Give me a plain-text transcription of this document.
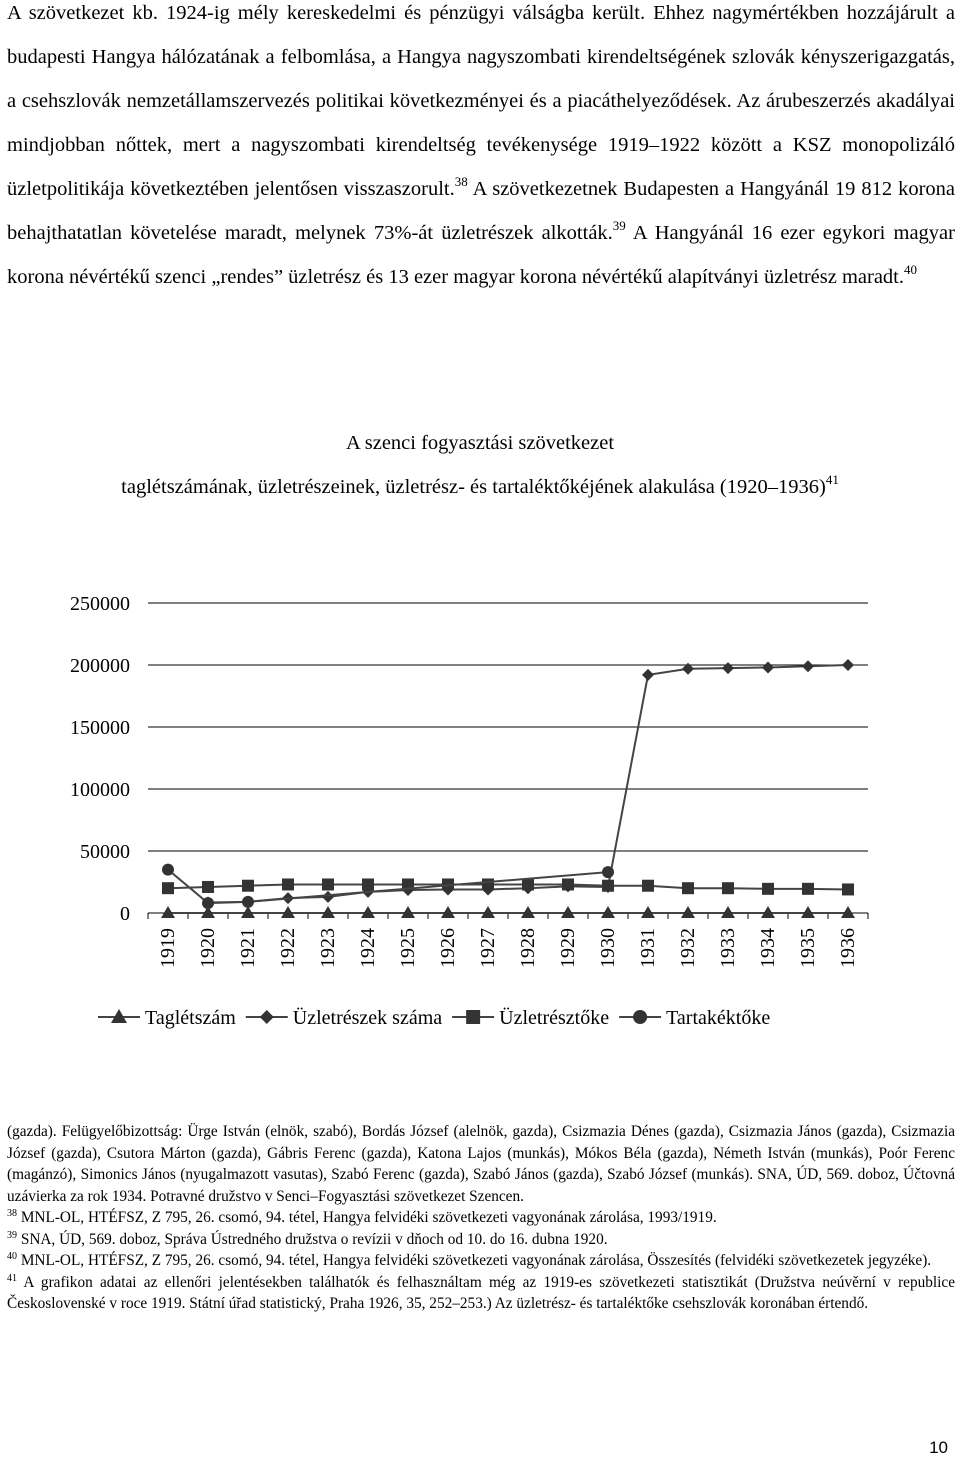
A szövetkezet kb. 1924-ig mély kereskedelmi és pénzügyi válságba került. Ehhez nagymértékben hozzájárult a budapesti Hangya hálózatának a felbomlása, a Hangya nagyszombati kirendeltségének szlovák kényszerigazgatás, a csehszlovák nemzetállamszervezés politikai következményei és a piacáthelyeződések. Az árubeszerzés akadályai mindjobban nőttek, mert a nagyszombati kirendeltség tevékenysége 1919–1922 között a KSZ monopolizáló üzletpolitikája következtében jelentősen visszaszorult.$^{38}$ A szövetkezetnek Budapesten a Hangyánál 19 812 korona behajthatatlan követelése maradt, melynek 73%-át üzletrészek alkották.$^{39}$ A Hangyánál 16 ezer egykori magyar korona névértékű szenci „rendes” üzletrész és 13 ezer magyar korona névértékű alapítványi üzletrész maradt.$^{40}$

A szenci fogyasztási szövetkezet
taglétszámának, üzletrészeinek, üzletrész- és tartaléktőkéjének alakulása (1920–1936)$^{41}$
0
50000
100000
150000
200000
250000
1919 1920 1921 1922 1923 1924 1925 1926 1927 1928 1929 1930 1931 1932 1933 1934 1935 1936
Taglétszám	Üzletrészek száma	Üzletrésztőke	Tartakéktőke

(gazda). Felügyelőbizottság: Ürge István (elnök, szabó), Bordás József (alelnök, gazda), Csizmazia Dénes (gazda), Csizmazia János (gazda), Csizmazia József (gazda), Csutora Márton (gazda), Gábris Ferenc (gazda), Katona Lajos (munkás), Mókos Béla (gazda), Németh István (munkás), Poór Ferenc (magánzó), Simonics János (nyugalmazott vasutas), Szabó Ferenc (gazda), Szabó János (gazda), Szabó József (munkás). SNA, ÚD, 569. doboz, Účtovná uzávierka za rok 1934. Potravné družstvo v Senci–Fogyasztási szövetkezet Szencen.

$^{38}$ MNL-OL, HTÉFSZ, Z 795, 26. csomó, 94. tétel, Hangya felvidéki szövetkezeti vagyonának zárolása, 1993/1919.

$^{39}$ SNA, ÚD, 569. doboz, Správa Ústredného družstva o revízii v dňoch od 10. do 16. dubna 1920.

$^{40}$ MNL-OL, HTÉFSZ, Z 795, 26. csomó, 94. tétel, Hangya felvidéki szövetkezeti vagyonának zárolása, Összesítés (felvidéki szövetkezetek jegyzéke).

$^{41}$ A grafikon adatai az ellenőri jelentésekben találhatók és felhasználtam még az 1919-es szövetkezeti statisztikát (Družstva neúvěrní v republice Československé v roce 1919. Státní úřad statistický, Praha 1926, 35, 252–253.) Az üzletrész- és tartaléktőke csehszlovák koronában értendő.

10
